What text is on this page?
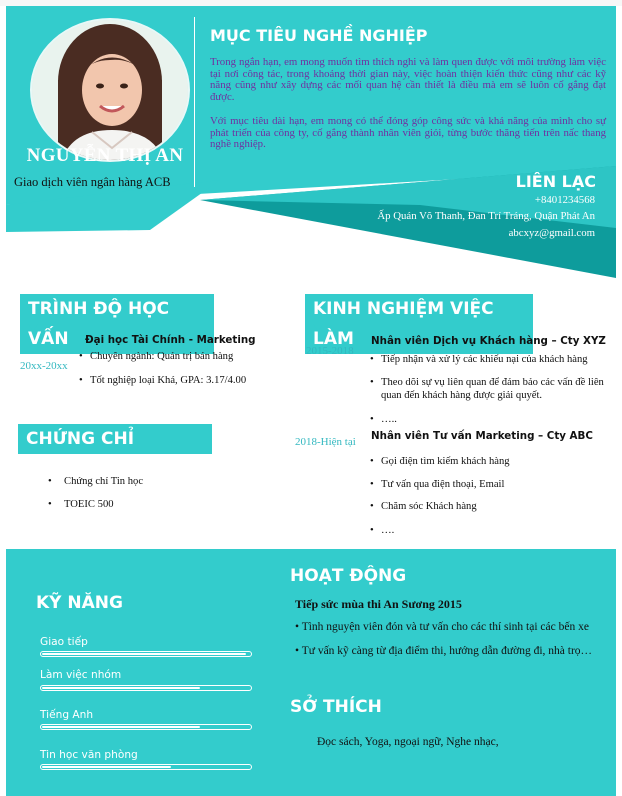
NGUYỄN THỊ AN
Giao dịch viên ngân hàng ACB
MỤC TIÊU NGHỀ NGHIỆP

Trong ngắn hạn, em mong muốn tìm thích nghi và làm quen được với môi trường làm việc tại nơi công tác, trong khoảng thời gian này, việc hoàn thiện kiến thức cũng như các kỹ năng cũng như xây dựng các mối quan hệ cần thiết là điều mà em sẽ luôn cố gắng đạt được.

Với mục tiêu dài hạn, em mong có thể đóng góp công sức và khả năng của mình cho sự phát triển của công ty, cố gắng thành nhân viên giỏi, từng bước thăng tiến trên nấc thang nghề nghiệp.

LIÊN LẠC
+8401234568
Ấp Quán Võ Thanh, Đan Trí Tráng, Quận Phát An
abcxyz@gmail.com
TRÌNH ĐỘ HỌC VẤN	Đại học Tài Chính - Marketing
20xx-20xx
• Chuyên ngành: Quản trị bán hàng
• Tốt nghiệp loại Khá, GPA: 3.17/4.00
CHỨNG CHỈ
• Chứng chỉ Tin học
• TOEIC 500
KINH NGHIỆM VIỆC LÀM
2015-2018
Nhân viên Dịch vụ Khách hàng – Cty XYZ
• Tiếp nhận và xử lý các khiếu nại của khách hàng
• Theo dõi sự vụ liên quan để đảm bảo các vấn đề liên quan đến khách hàng được giải quyết.
• …..
2018-Hiện tại Nhân viên Tư vấn Marketing – Cty ABC
• Gọi điện tìm kiếm khách hàng
• Tư vấn qua điện thoại, Email
• Chăm sóc Khách hàng
• ….
KỸ NĂNG
Giao tiếp
Làm việc nhóm
Tiếng Anh
Tin học văn phòng
HOẠT ĐỘNG
Tiếp sức mùa thi An Sương 2015
• Tình nguyện viên đón và tư vấn cho các thí sinh tại các bến xe
• Tư vấn kỹ càng từ địa điểm thi, hướng dẫn đường đi, nhà trọ…
SỞ THÍCH
Đọc sách, Yoga, ngoại ngữ, Nghe nhạc,
